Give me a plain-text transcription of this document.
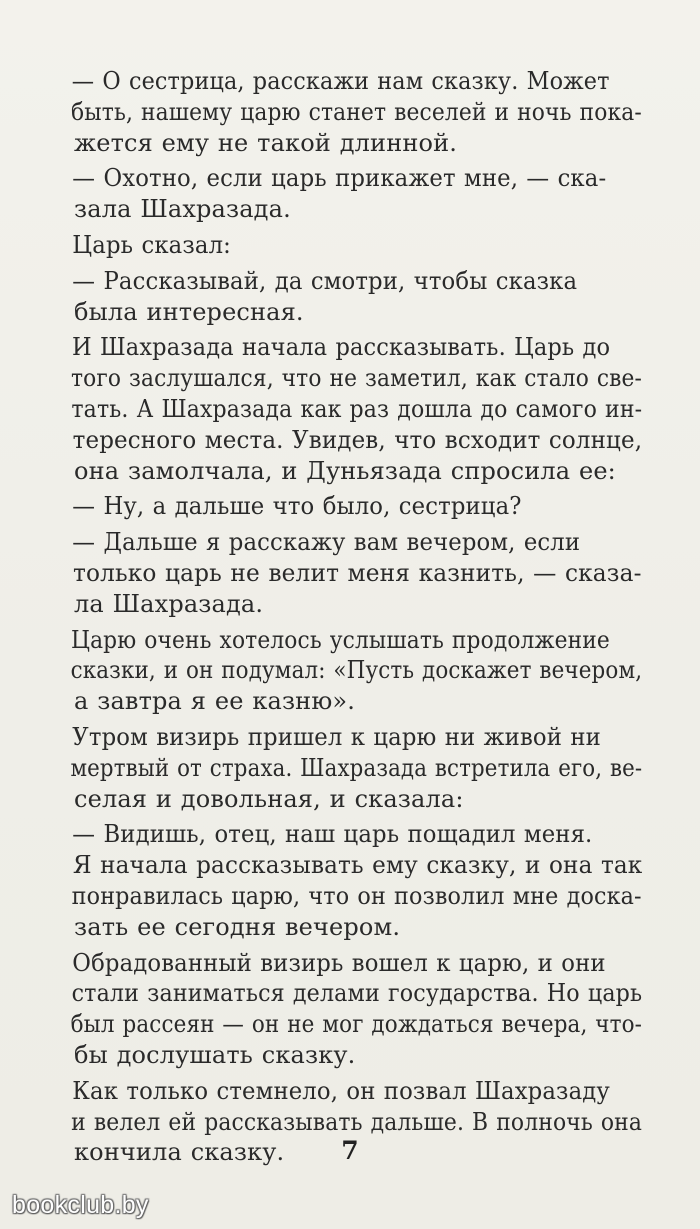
— О сестрица, расскажи нам сказку. Может
быть, нашему царю станет веселей и ночь пока-
жется ему не такой длинной.

— Охотно, если царь прикажет мне, — ска-
зала Шахразада.

Царь сказал:

— Рассказывай, да смотри, чтобы сказка
была интересная.

И Шахразада начала рассказывать. Царь до
того заслушался, что не заметил, как стало све-
тать. А Шахразада как раз дошла до самого ин-
тересного места. Увидев, что всходит солнце,
она замолчала, и Дуньязада спросила ее:

— Ну, а дальше что было, сестрица?

— Дальше я расскажу вам вечером, если
только царь не велит меня казнить, — сказа-
ла Шахразада.

Царю очень хотелось услышать продолжение
сказки, и он подумал: «Пусть доскажет вечером,
а завтра я ее казню».

Утром визирь пришел к царю ни живой ни
мертвый от страха. Шахразада встретила его, ве-
селая и довольная, и сказала:

— Видишь, отец, наш царь пощадил меня.
Я начала рассказывать ему сказку, и она так
понравилась царю, что он позволил мне доска-
зать ее сегодня вечером.

Обрадованный визирь вошел к царю, и они
стали заниматься делами государства. Но царь
был рассеян — он не мог дождаться вечера, что-
бы дослушать сказку.

Как только стемнело, он позвал Шахразаду
и велел ей рассказывать дальше. В полночь она
кончила сказку.	7
bookclub.by
